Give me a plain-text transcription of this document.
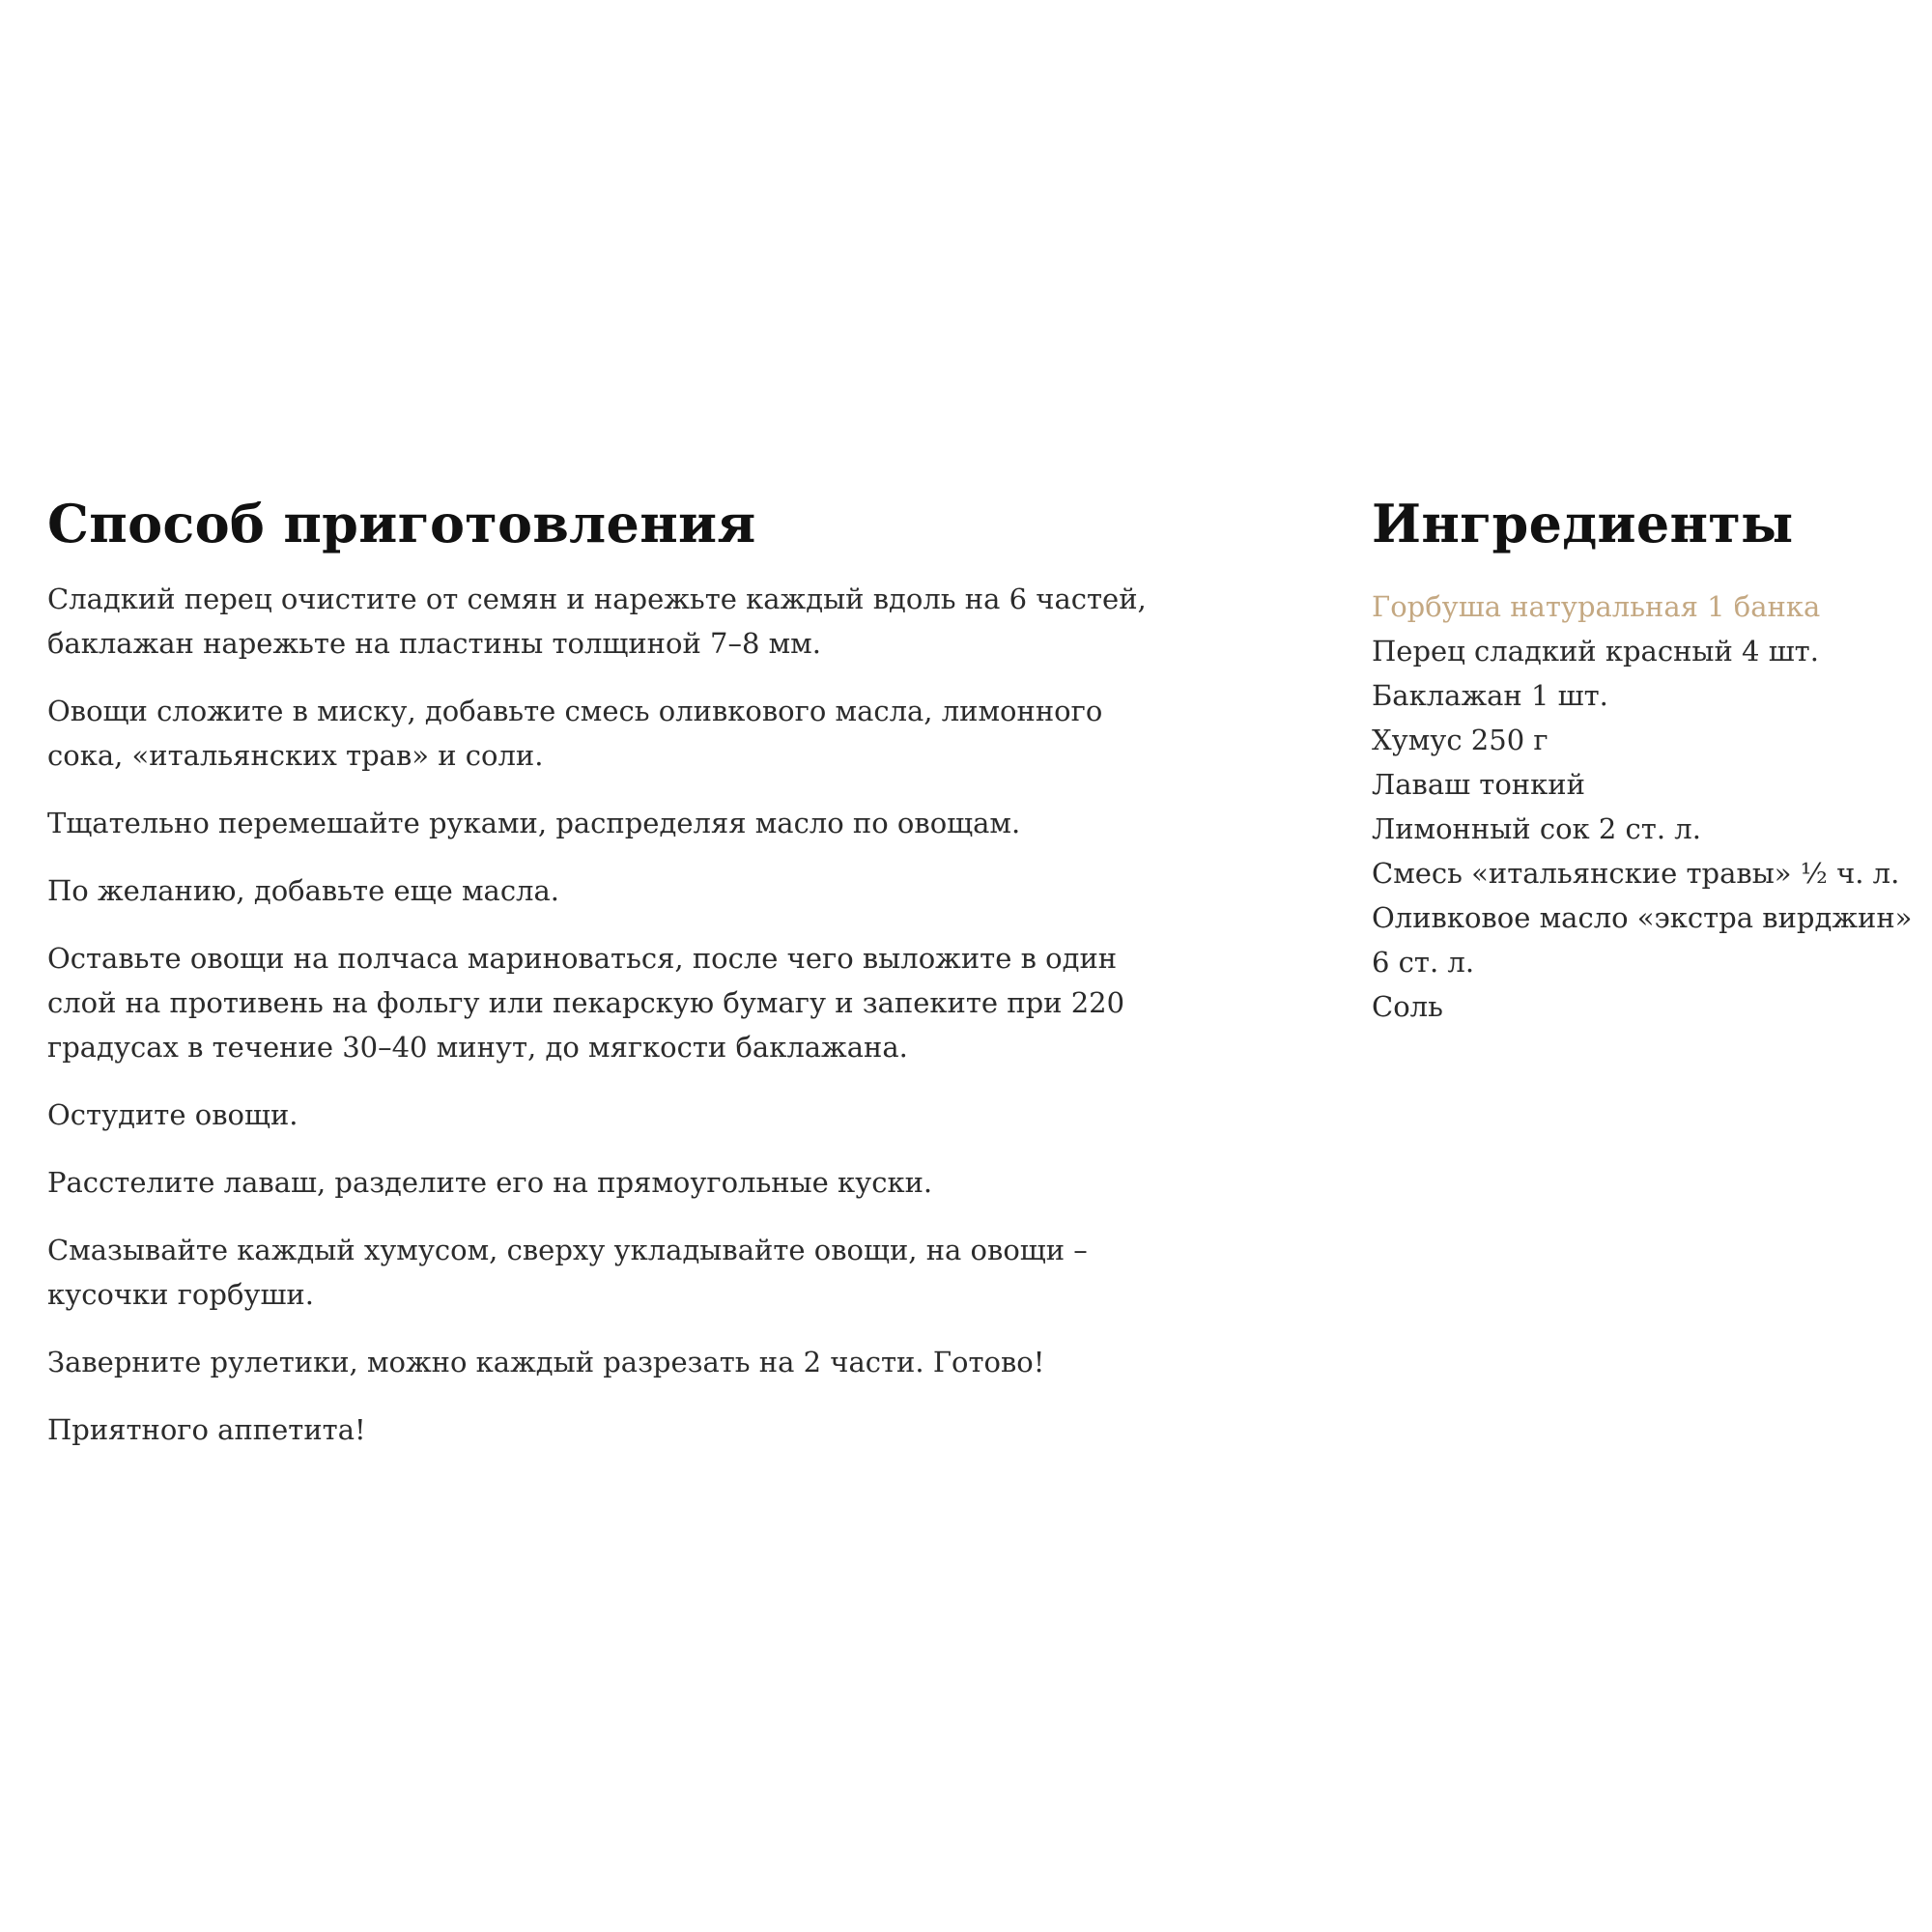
Способ приготовления

Сладкий перец очистите от семян и нарежьте каждый вдоль на 6 частей, баклажан нарежьте на пластины толщиной 7–8 мм.

Овощи сложите в миску, добавьте смесь оливкового масла, лимонного сока, «итальянских трав» и соли.

Тщательно перемешайте руками, распределяя масло по овощам.

По желанию, добавьте еще масла.

Оставьте овощи на полчаса мариноваться, после чего выложите в один слой на противень на фольгу или пекарскую бумагу и запеките при 220 градусах в течение 30–40 минут, до мягкости баклажана.

Остудите овощи.

Расстелите лаваш, разделите его на прямоугольные куски.

Смазывайте каждый хумусом, сверху укладывайте овощи, на овощи – кусочки горбуши.

Заверните рулетики, можно каждый разрезать на 2 части. Готово!

Приятного аппетита!

Ингредиенты
Горбуша натуральная 1 банка
Перец сладкий красный 4 шт.
Баклажан 1 шт.
Хумус 250 г
Лаваш тонкий
Лимонный сок 2 ст. л.
Смесь «итальянские травы» ½ ч. л.
Оливковое масло «экстра вирджин» 6 ст. л.
Соль
